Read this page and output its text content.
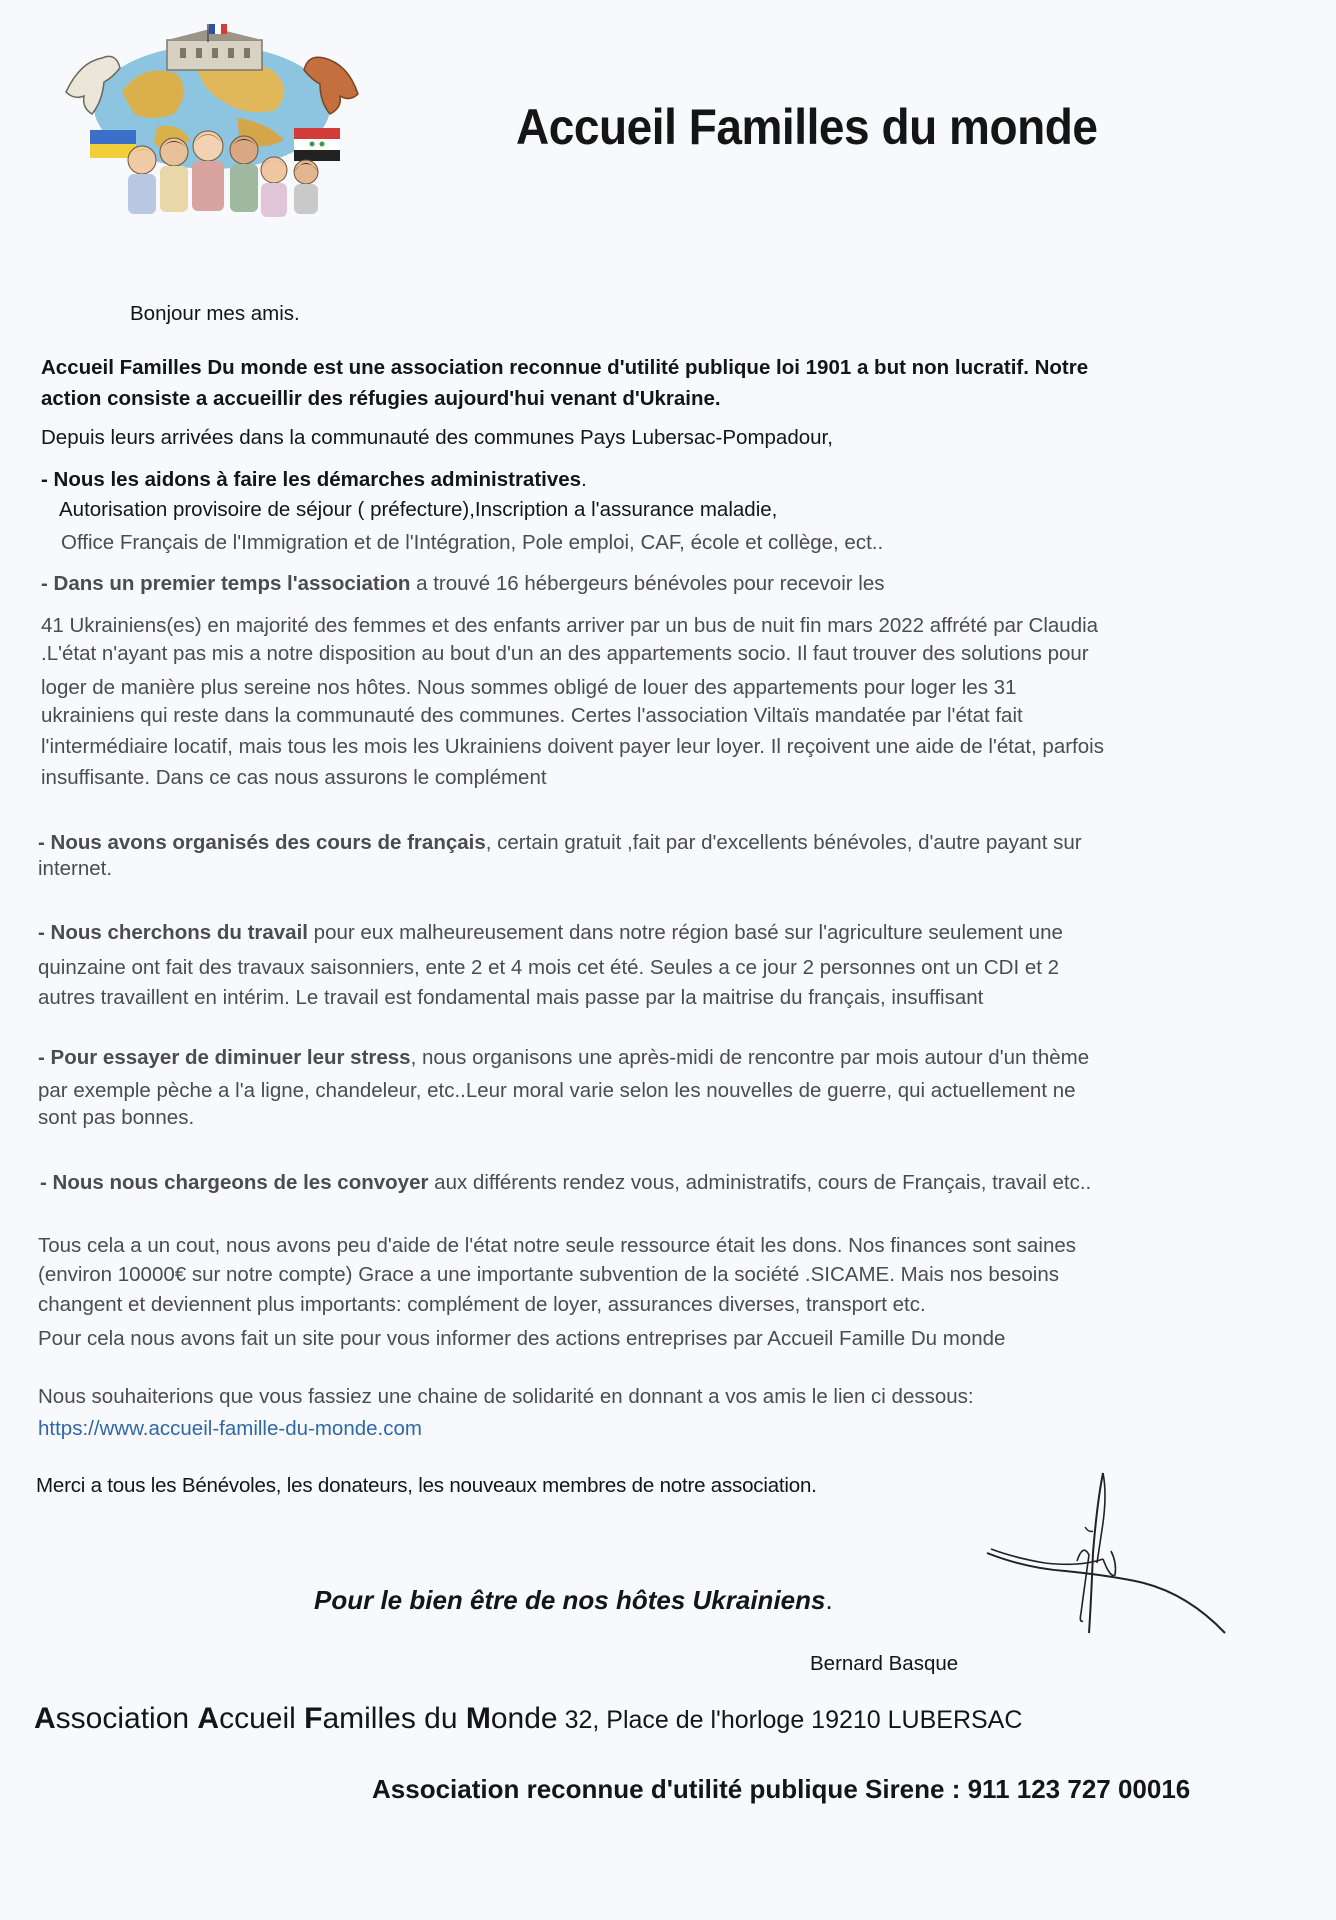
Accueil Familles du monde

Bonjour mes amis.

Accueil Familles Du monde est une association reconnue d'utilité publique loi 1901 a but non lucratif. Notre

action consiste a accueillir des réfugies aujourd'hui venant d'Ukraine.

Depuis leurs arrivées dans la communauté des communes Pays Lubersac-Pompadour,

- Nous les aidons à faire les démarches administratives.

Autorisation provisoire de séjour ( préfecture),Inscription a l'assurance maladie,

Office Français de l'Immigration et de l'Intégration, Pole emploi, CAF, école et collège, ect..

- Dans un premier temps l'association a trouvé 16 hébergeurs bénévoles pour recevoir les

41 Ukrainiens(es) en majorité des femmes et des enfants arriver par un bus de nuit fin mars 2022 affrété par Claudia

.L'état n'ayant pas mis a notre disposition au bout d'un an des appartements socio. Il faut trouver des solutions pour

loger de manière plus sereine nos hôtes. Nous sommes obligé de louer des appartements pour loger les 31

ukrainiens qui reste dans la communauté des communes. Certes l'association Viltaïs mandatée par l'état fait

l'intermédiaire locatif, mais tous les mois les Ukrainiens doivent payer leur loyer. Il reçoivent une aide de l'état, parfois

insuffisante. Dans ce cas nous assurons le complément

- Nous avons organisés des cours de français, certain gratuit ,fait par d'excellents bénévoles, d'autre payant sur

internet.

- Nous cherchons du travail pour eux malheureusement dans notre région basé sur l'agriculture seulement une

quinzaine ont fait des travaux saisonniers, ente 2 et 4 mois cet été. Seules a ce jour 2 personnes ont un CDI et 2

autres travaillent en intérim. Le travail est fondamental mais passe par la maitrise du français, insuffisant

- Pour essayer de diminuer leur stress, nous organisons une après-midi de rencontre par mois autour d'un thème

par exemple pèche a l'a ligne, chandeleur, etc..Leur moral varie selon les nouvelles de guerre, qui actuellement ne

sont pas bonnes.

- Nous nous chargeons de les convoyer aux différents rendez vous, administratifs, cours de Français, travail etc..

Tous cela a un cout, nous avons peu d'aide de l'état notre seule ressource était les dons. Nos finances sont saines

(environ 10000€ sur notre compte) Grace a une importante subvention de la société .SICAME. Mais nos besoins

changent et deviennent plus importants: complément de loyer, assurances diverses, transport etc.

Pour cela nous avons fait un site pour vous informer des actions entreprises par Accueil Famille Du monde

Nous souhaiterions que vous fassiez une chaine de solidarité en donnant a vos amis le lien ci dessous:

https://www.accueil-famille-du-monde.com

Merci a tous les Bénévoles, les donateurs, les nouveaux membres de notre association.

Pour le bien être de nos hôtes Ukrainiens.

Bernard Basque

Association Accueil Familles du Monde 32, Place de l'horloge 19210 LUBERSAC

Association reconnue d'utilité publique Sirene : 911 123 727 00016
